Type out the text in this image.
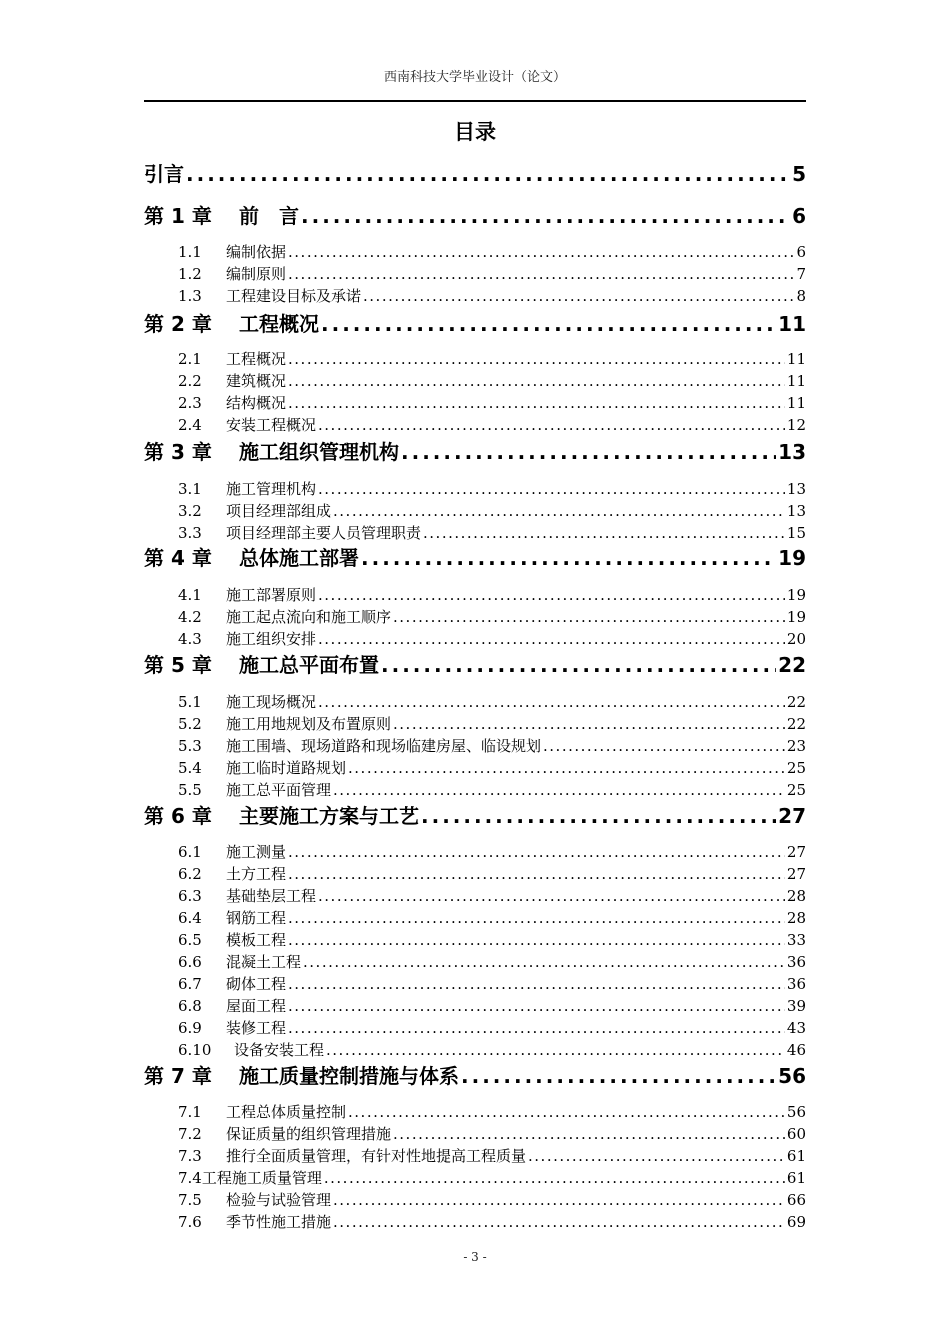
西南科技大学毕业设计（论文）
目录
引言 .....	5
第 1 章	前　言 .....	6
1.1	编制依据 .....	6
1.2	编制原则 .....	7
1.3	工程建设目标及承诺 .....	8
第 2 章	工程概况 .....	11
2.1	工程概况 .....	11
2.2	建筑概况 .....	11
2.3	结构概况 .....	11
2.4	安装工程概况 .....	12
第 3 章	施工组织管理机构 .....	13
3.1	施工管理机构 .....	13
3.2	项目经理部组成 .....	13
3.3	项目经理部主要人员管理职责 .....	15
第 4 章	总体施工部署 .....	19
4.1	施工部署原则 .....	19
4.2	施工起点流向和施工顺序 .....	19
4.3	施工组织安排 .....	20
第 5 章	施工总平面布置 .....	22
5.1	施工现场概况 .....	22
5.2	施工用地规划及布置原则 .....	22
5.3	施工围墙、现场道路和现场临建房屋、临设规划 .....	23
5.4	施工临时道路规划 .....	25
5.5	施工总平面管理 .....	25
第 6 章	主要施工方案与工艺 .....	27
6.1	施工测量 .....	27
6.2	土方工程 .....	27
6.3	基础垫层工程 .....	28
6.4	钢筋工程 .....	28
6.5	模板工程 .....	33
6.6	混凝土工程 .....	36
6.7	砌体工程 .....	36
6.8	屋面工程 .....	39
6.9	装修工程 .....	43
6.10	设备安装工程 .....	46
第 7 章	施工质量控制措施与体系 .....	56
7.1	工程总体质量控制 .....	56
7.2	保证质量的组织管理措施 .....	60
7.3	推行全面质量管理，有针对性地提高工程质量 .....	61
7.4 工程施工质量管理 .....	61
7.5	检验与试验管理 .....	66
7.6	季节性施工措施 .....	69
- 3 -
